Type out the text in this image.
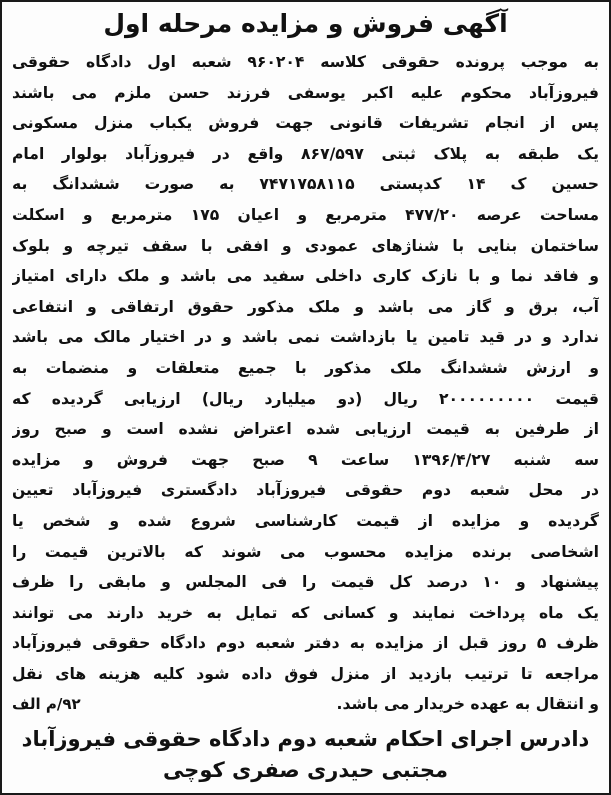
آگهی فروش و مزایده مرحله اول
به موجب پرونده حقوقی کلاسه ۹۶۰۲۰۴ شعبه اول دادگاه حقوقی
فیروزآباد محکوم علیه اکبر یوسفی فرزند حسن ملزم می باشند
پس از انجام تشریفات قانونی جهت فروش یکباب منزل مسکونی
یک طبقه به پلاک ثبتی ۸۶۷/۵۹۷ واقع در فیروزآباد بولوار امام
حسین ک ۱۴ کدپستی ۷۴۷۱۷۵۸۱۱۵ به صورت ششدانگ به
مساحت عرصه ۴۷۷/۲۰ مترمربع و اعیان ۱۷۵ مترمربع و اسکلت
ساختمان بنایی با شناژهای عمودی و افقی با سقف تیرچه و بلوک
و فاقد نما و با نازک کاری داخلی سفید می باشد و ملک دارای امتیاز
آب، برق و گاز می باشد و ملک مذکور حقوق ارتفاقی و انتفاعی
ندارد و در قید تامین یا بازداشت نمی باشد و در اختیار مالک می باشد
و ارزش ششدانگ ملک مذکور با جمیع متعلقات و منضمات به
قیمت ۲۰۰۰۰۰۰۰۰۰ ریال (دو میلیارد ریال) ارزیابی گردیده که
از طرفین به قیمت ارزیابی شده اعتراض نشده است و صبح روز
سه شنبه ۱۳۹۶/۴/۲۷ ساعت ۹ صبح جهت فروش و مزایده
در محل شعبه دوم حقوقی فیروزآباد دادگستری فیروزآباد تعیین
گردیده و مزایده از قیمت کارشناسی شروع شده و شخص یا
اشخاصی برنده مزایده محسوب می شوند که بالاترین قیمت را
پیشنهاد و ۱۰ درصد کل قیمت را فی المجلس و مابقی را ظرف
یک ماه پرداخت نمایند و کسانی که تمایل به خرید دارند می توانند
ظرف ۵ روز قبل از مزایده به دفتر شعبه دوم دادگاه حقوقی فیروزآباد
مراجعه تا ترتیب بازدید از منزل فوق داده شود کلیه هزینه های نقل
و انتقال به عهده خریدار می باشد.
۹۲/م الف
دادرس اجرای احکام شعبه دوم دادگاه حقوقی فیروزآباد
مجتبی حیدری صفری کوچی
